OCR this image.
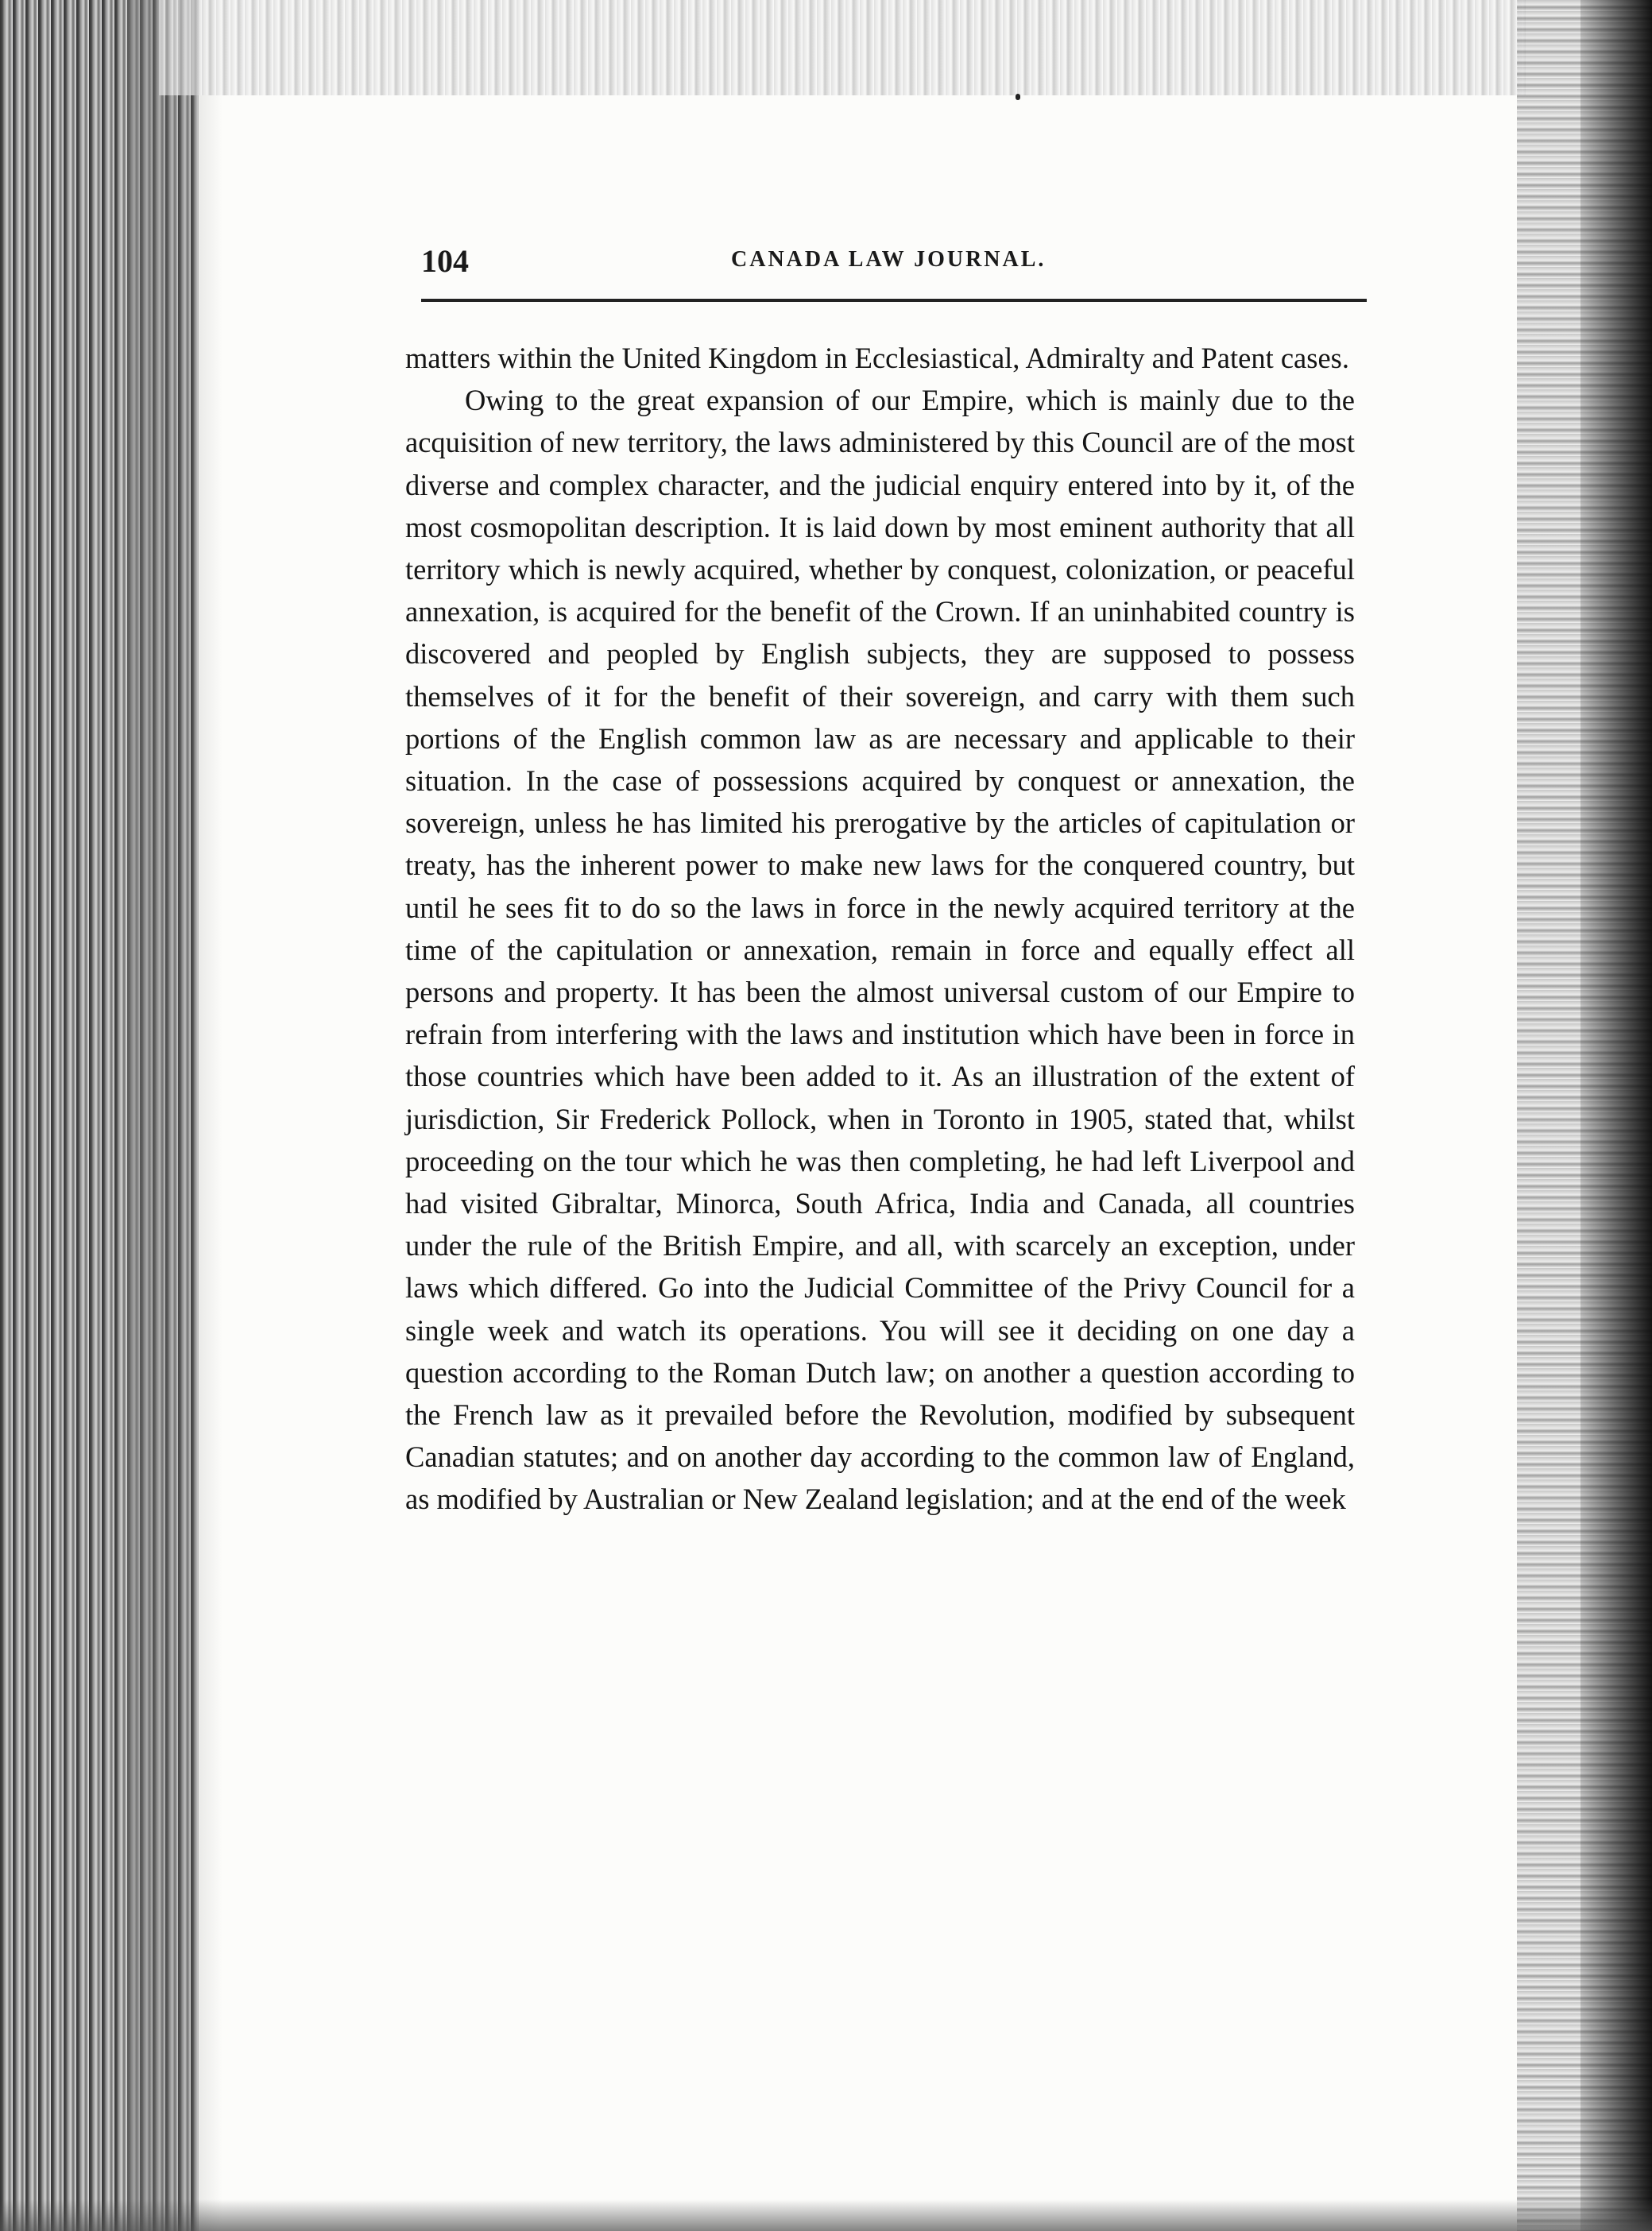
104	CANADA LAW JOURNAL.

matters within the United Kingdom in Ecclesiastical, Admiralty and Patent cases.

Owing to the great expansion of our Empire, which is mainly due to the acquisition of new territory, the laws administered by this Council are of the most diverse and complex character, and the judicial enquiry entered into by it, of the most cosmopolitan description. It is laid down by most eminent authority that all territory which is newly acquired, whether by conquest, colonization, or peaceful annexation, is acquired for the benefit of the Crown. If an uninhabited country is discovered and peopled by English subjects, they are supposed to possess themselves of it for the benefit of their sovereign, and carry with them such portions of the English common law as are necessary and applicable to their situation. In the case of possessions acquired by conquest or annexation, the sovereign, unless he has limited his prerogative by the articles of capitulation or treaty, has the inherent power to make new laws for the conquered country, but until he sees fit to do so the laws in force in the newly acquired territory at the time of the capitulation or annexation, remain in force and equally effect all persons and property. It has been the almost universal custom of our Empire to refrain from interfering with the laws and institution which have been in force in those countries which have been added to it. As an illustration of the extent of jurisdiction, Sir Frederick Pollock, when in Toronto in 1905, stated that, whilst proceeding on the tour which he was then completing, he had left Liverpool and had visited Gibraltar, Minorca, South Africa, India and Canada, all countries under the rule of the British Empire, and all, with scarcely an exception, under laws which differed. Go into the Judicial Committee of the Privy Council for a single week and watch its operations. You will see it deciding on one day a question according to the Roman Dutch law; on another a question according to the French law as it prevailed before the Revolution, modified by subsequent Canadian statutes; and on another day according to the common law of England, as modified by Australian or New Zealand legislation; and at the end of the week
